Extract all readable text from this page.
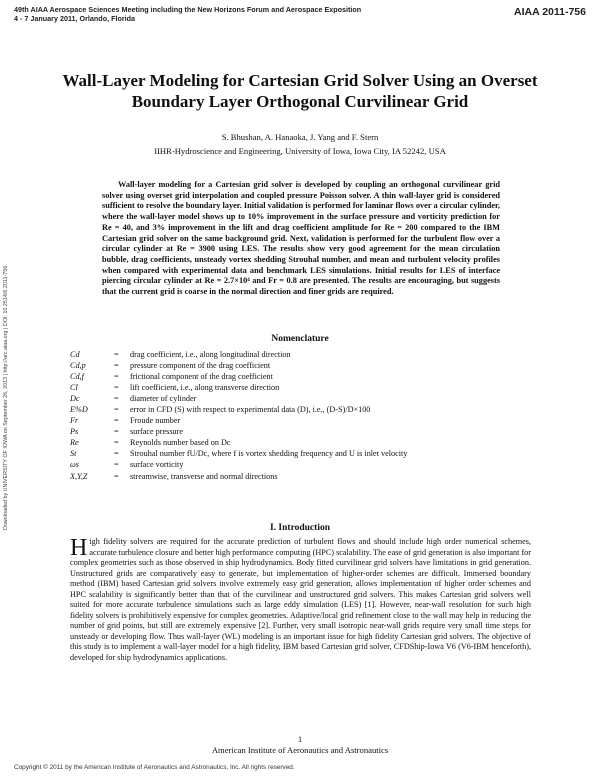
49th AIAA Aerospace Sciences Meeting including the New Horizons Forum and Aerospace Exposition
4 - 7 January 2011, Orlando, Florida
AIAA 2011-756
Downloaded by UNIVERSITY OF IOWA on September 26, 2013 | http://arc.aiaa.org | DOI: 10.2514/6.2011-756
Wall-Layer Modeling for Cartesian Grid Solver Using an Overset Boundary Layer Orthogonal Curvilinear Grid
S. Bhushan, A. Hanaoka, J. Yang and F. Stern
IIHR-Hydroscience and Engineering, University of Iowa, Iowa City, IA 52242, USA
Wall-layer modeling for a Cartesian grid solver is developed by coupling an orthogonal curvilinear grid solver using overset grid interpolation and coupled pressure Poisson solver. A thin wall-layer grid is considered sufficient to resolve the boundary layer. Initial validation is performed for laminar flows over a circular cylinder, where the wall-layer model shows up to 10% improvement in the surface pressure and vorticity prediction for Re = 40, and 3% improvement in the lift and drag coefficient amplitude for Re = 200 compared to the IBM Cartesian grid solver on the same background grid. Next, validation is performed for the turbulent flow over a circular cylinder at Re = 3900 using LES. The results show very good agreement for the mean circulation bubble, drag coefficients, unsteady vortex shedding Strouhal number, and mean and turbulent velocity profiles when compared with experimental data and benchmark LES simulations. Initial results for LES of interface piercing circular cylinder at Re = 2.7×10⁴ and Fr = 0.8 are presented. The results are encouraging, but suggests that the current grid is coarse in the normal direction and finer grids are required.
Nomenclature
Cd	=	drag coefficient, i.e., along longitudinal direction
Cd,p	=	pressure component of the drag coefficient
Cd,f	=	frictional component of the drag coefficient
Cl	=	lift coefficient, i.e., along transverse direction
Dc	=	diameter of cylinder
E%D	=	error in CFD (S) with respect to experimental data (D), i.e., (D-S)/D×100
Fr	=	Froude number
Ps	=	surface pressure
Re	=	Reynolds number based on Dc
St	=	Strouhal number fU/Dc, where f is vortex shedding frequency and U is inlet velocity
ωs	=	surface vorticity
X,Y,Z	=	streamwise, transverse and normal directions
I. Introduction
High fidelity solvers are required for the accurate prediction of turbulent flows and should include high order numerical schemes, accurate turbulence closure and better high performance computing (HPC) scalability. The ease of grid generation is also important for complex geometries such as those observed in ship hydrodynamics. Body fitted curvilinear grid solvers have limitations in grid generation. Unstructured grids are comparatively easy to generate, but implementation of higher-order schemes are difficult. Immersed boundary method (IBM) based Cartesian grid solvers involve extremely easy grid generation, allows implementation of higher order schemes and HPC scalability is significantly better than that of the curvilinear and unstructured grid solvers. This makes Cartesian grid solvers well suited for more accurate turbulence simulations such as large eddy simulation (LES) [1]. However, near-wall resolution for such high fidelity solvers is prohibitively expensive for complex geometries. Adaptive/local grid refinement close to the wall may help in reducing the number of grid points, but still are extremely expensive [2]. Further, very small isotropic near-wall grids require very small time steps for unsteady or developing flow. Thus wall-layer (WL) modeling is an important issue for high fidelity Cartesian grid solvers. The objective of this study is to implement a wall-layer model for a high fidelity, IBM based Cartesian grid solver, CFDShip-Iowa V6 (V6-IBM henceforth), developed for ship hydrodynamics applications.
1
American Institute of Aeronautics and Astronautics
Copyright © 2011 by the American Institute of Aeronautics and Astronautics, Inc. All rights reserved.
